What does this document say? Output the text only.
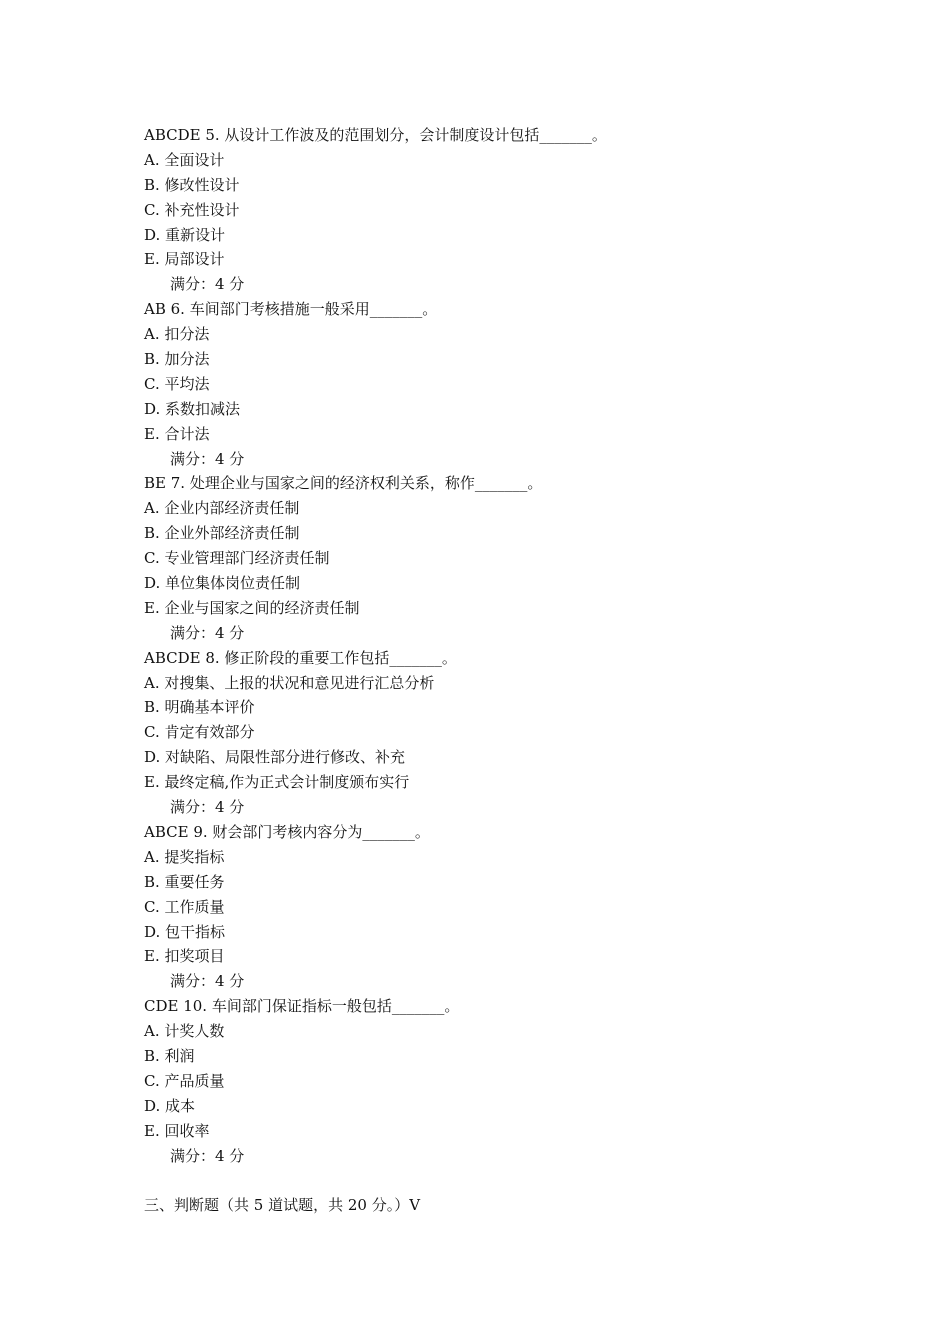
ABCDE 5. 从设计工作波及的范围划分，会计制度设计包括_______。
A. 全面设计
B. 修改性设计
C. 补充性设计
D. 重新设计
E. 局部设计
满分：4 分
AB 6. 车间部门考核措施一般采用_______。
A. 扣分法
B. 加分法
C. 平均法
D. 系数扣减法
E. 合计法
满分：4 分
BE 7. 处理企业与国家之间的经济权利关系，称作_______。
A. 企业内部经济责任制
B. 企业外部经济责任制
C. 专业管理部门经济责任制
D. 单位集体岗位责任制
E. 企业与国家之间的经济责任制
满分：4 分
ABCDE 8. 修正阶段的重要工作包括_______。
A. 对搜集、上报的状况和意见进行汇总分析
B. 明确基本评价
C. 肯定有效部分
D. 对缺陷、局限性部分进行修改、补充
E. 最终定稿,作为正式会计制度颁布实行
满分：4 分
ABCE 9. 财会部门考核内容分为_______。
A. 提奖指标
B. 重要任务
C. 工作质量
D. 包干指标
E. 扣奖项目
满分：4 分
CDE 10. 车间部门保证指标一般包括_______。
A. 计奖人数
B. 利润
C. 产品质量
D. 成本
E. 回收率
满分：4 分
三、判断题（共 5 道试题，共 20 分。）V
